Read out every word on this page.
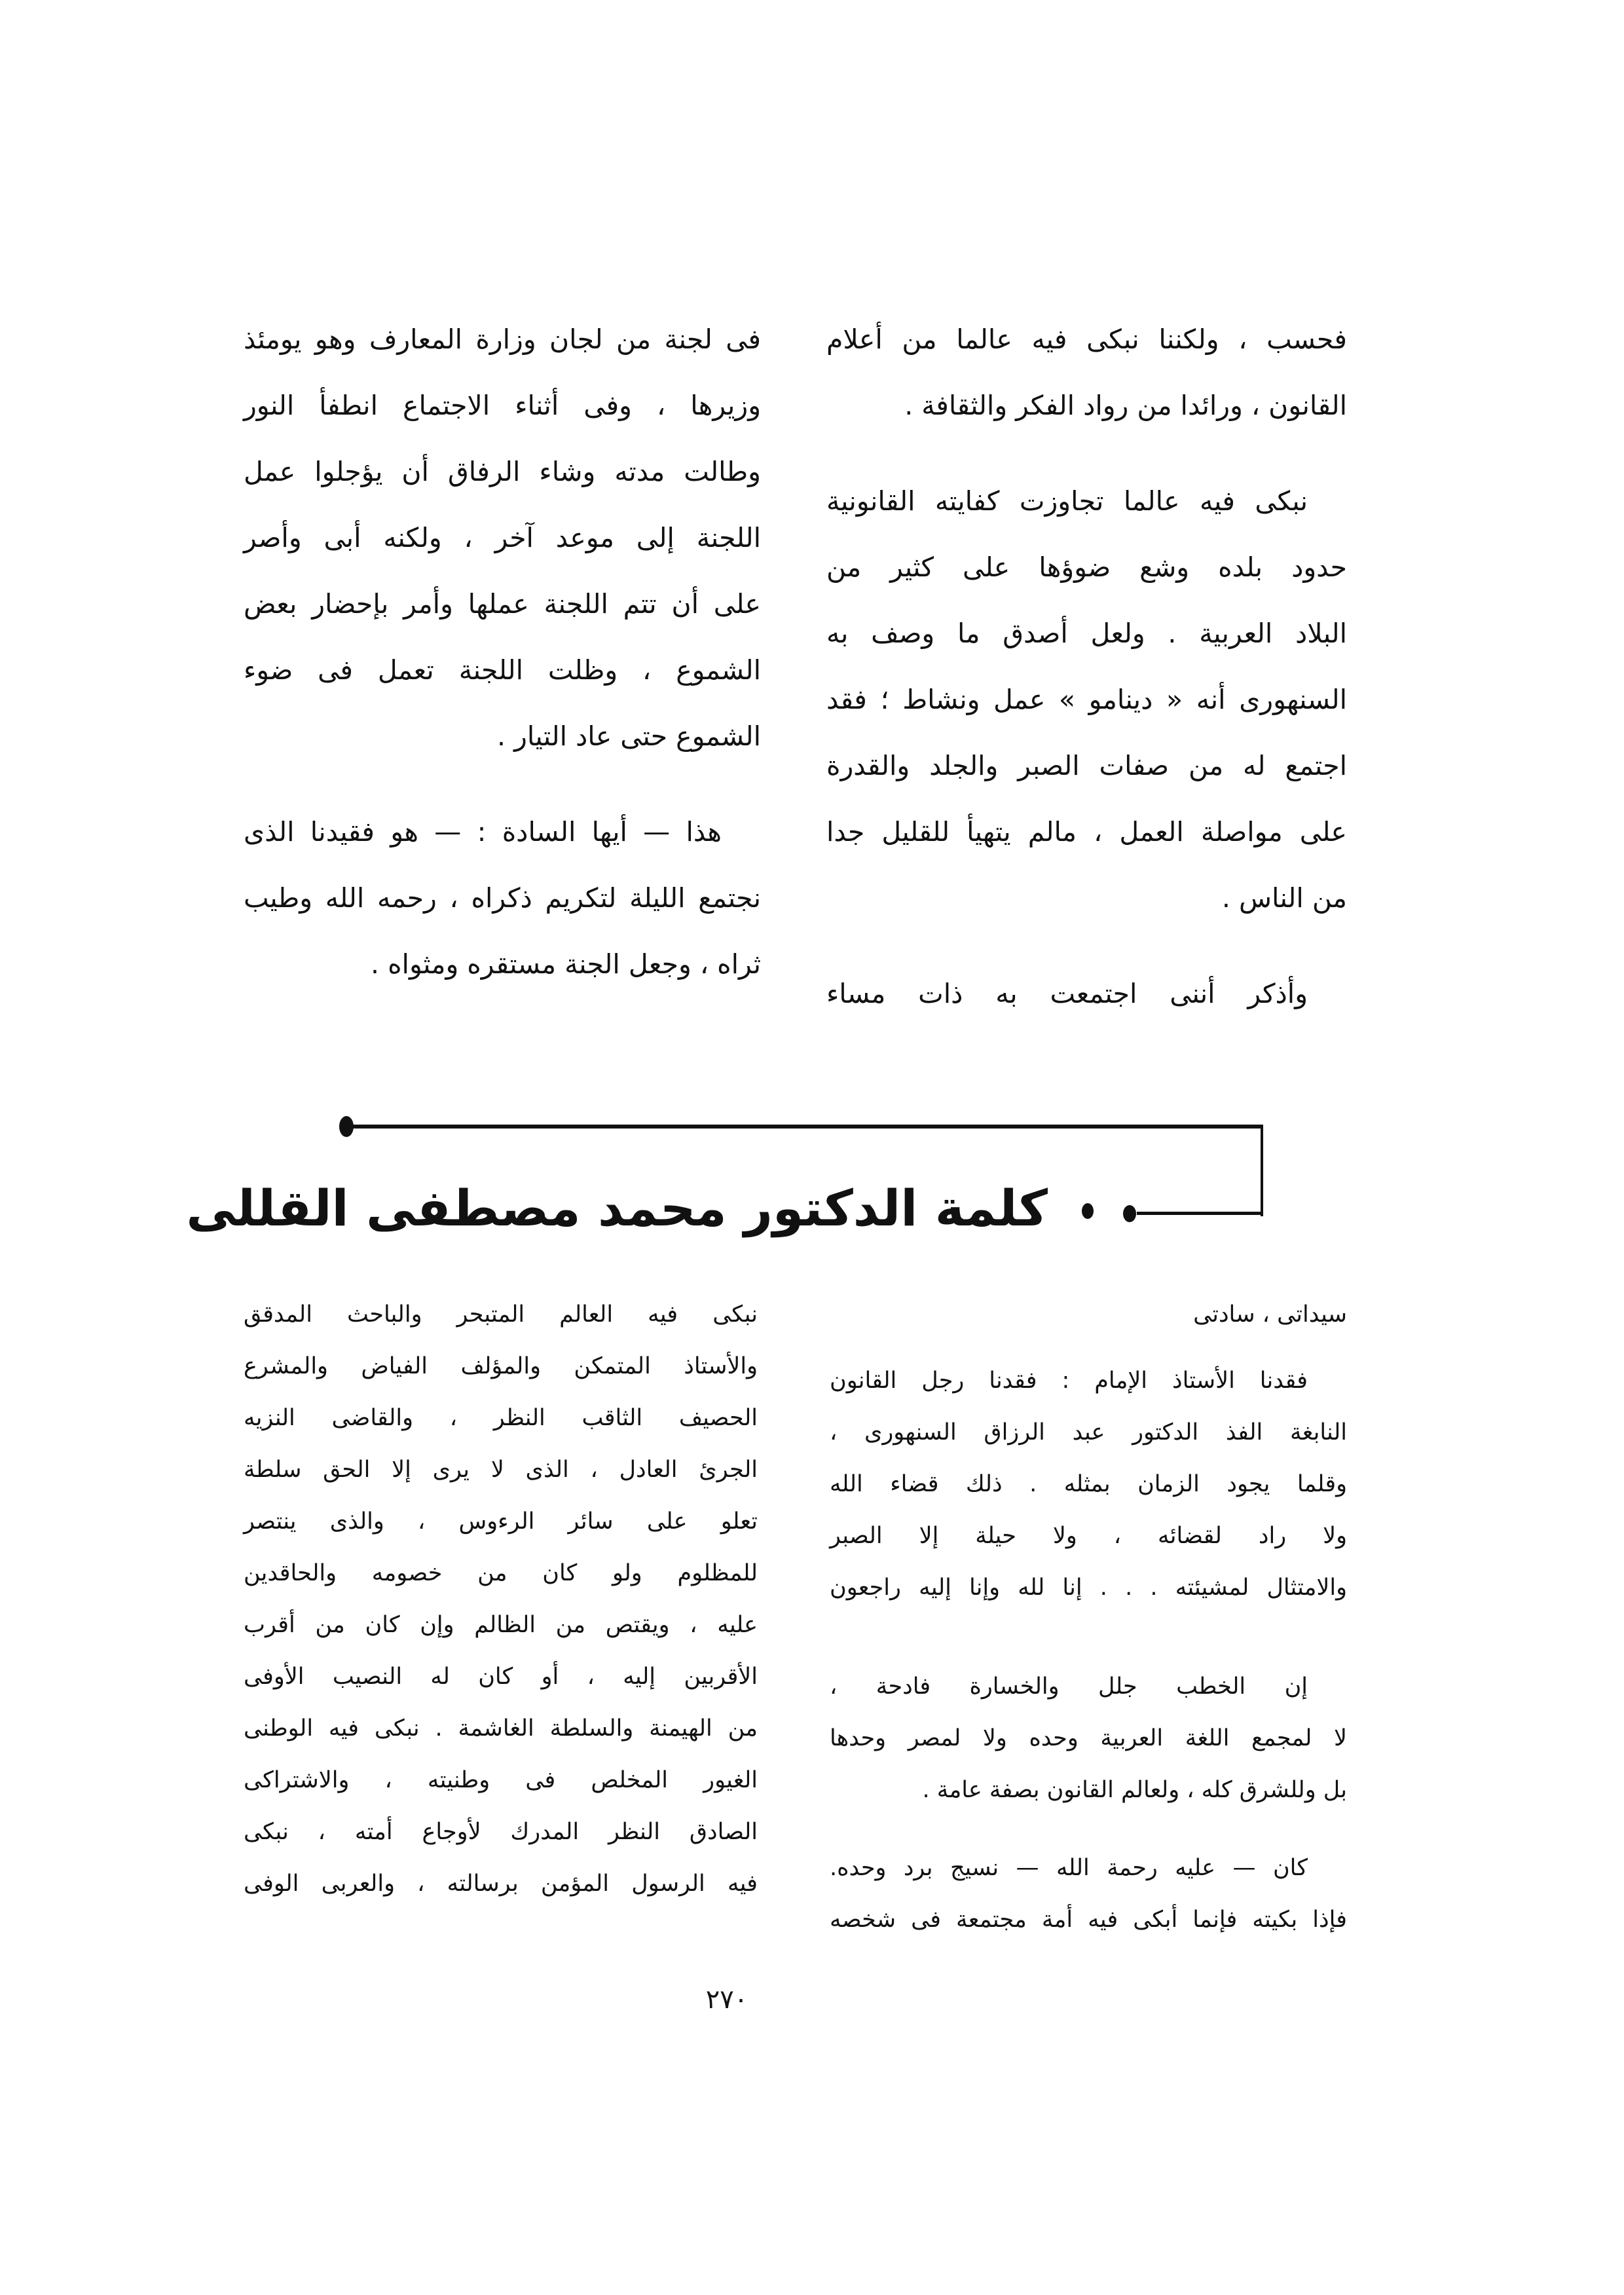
فحسب ، ولكننا نبكى فيه عالما من أعلام
القانون ، ورائدا من رواد الفكر والثقافة .
نبكى فيه عالما تجاوزت كفايته القانونية
حدود بلده وشع ضوؤها على كثير من
البلاد العربية . ولعل أصدق ما وصف به
السنهورى أنه « دينامو » عمل ونشاط ؛ فقد
اجتمع له من صفات الصبر والجلد والقدرة
على مواصلة العمل ، مالم يتهيأ للقليل جدا
من الناس .
وأذكر أننى اجتمعت به ذات مساء
فى لجنة من لجان وزارة المعارف وهو يومئذ
وزيرها ، وفى أثناء الاجتماع انطفأ النور
وطالت مدته وشاء الرفاق أن يؤجلوا عمل
اللجنة إلى موعد آخر ، ولكنه أبى وأصر
على أن تتم اللجنة عملها وأمر بإحضار بعض
الشموع ، وظلت اللجنة تعمل فى ضوء
الشموع حتى عاد التيار .
هذا — أيها السادة : — هو فقيدنا الذى
نجتمع الليلة لتكريم ذكراه ، رحمه الله وطيب
ثراه ، وجعل الجنة مستقره ومثواه .
كلمة الدكتور محمد مصطفى القللى
سيداتى ، سادتى
فقدنا الأستاذ الإمام : فقدنا رجل القانون
النابغة الفذ الدكتور عبد الرزاق السنهورى ،
وقلما يجود الزمان بمثله . ذلك قضاء الله
ولا راد لقضائه ، ولا حيلة إلا الصبر
والامتثال لمشيئته . . . إنا لله وإنا إليه راجعون
إن الخطب جلل والخسارة فادحة ،
لا لمجمع اللغة العربية وحده ولا لمصر وحدها
بل وللشرق كله ، ولعالم القانون بصفة عامة .
كان — عليه رحمة الله — نسيج برد وحده.
فإذا بكيته فإنما أبكى فيه أمة مجتمعة فى شخصه
نبكى فيه العالم المتبحر والباحث المدقق
والأستاذ المتمكن والمؤلف الفياض والمشرع
الحصيف الثاقب النظر ، والقاضى النزيه
الجرئ العادل ، الذى لا يرى إلا الحق سلطة
تعلو على سائر الرءوس ، والذى ينتصر
للمظلوم ولو كان من خصومه والحاقدين
عليه ، ويقتص من الظالم وإن كان من أقرب
الأقربين إليه ، أو كان له النصيب الأوفى
من الهيمنة والسلطة الغاشمة . نبكى فيه الوطنى
الغيور المخلص فى وطنيته ، والاشتراكى
الصادق النظر المدرك لأوجاع أمته ، نبكى
فيه الرسول المؤمن برسالته ، والعربى الوفى
٢٧٠
